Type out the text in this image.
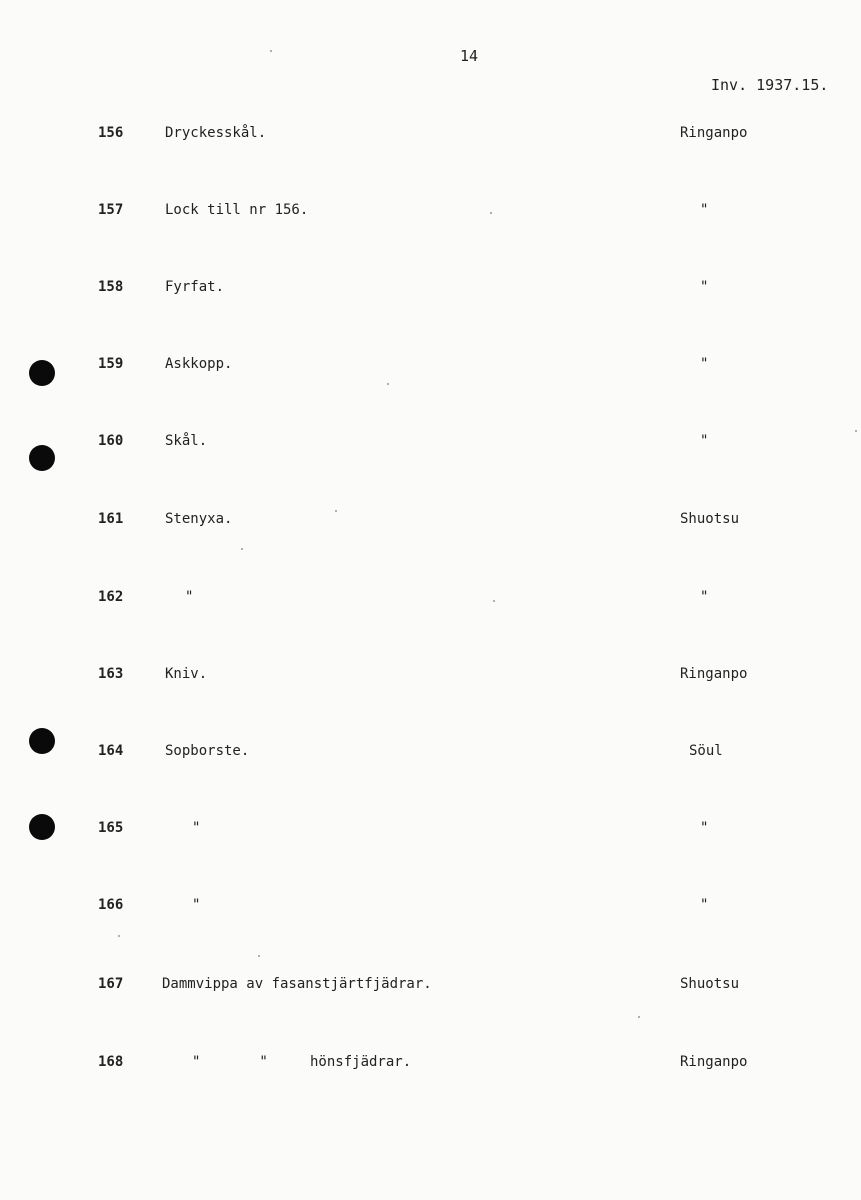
14
Inv. 1937.15.
156	Dryckesskål.	Ringanpo
157	Lock till nr 156.	"
158	Fyrfat.	"
159	Askkopp.	"
160	Skål.	"
161	Stenyxa.	Shuotsu
162	"	"
163	Kniv.	Ringanpo
164	Sopborste.	Söul
165	"	"
166	"	"
167	Dammvippa av fasanstjärtfjädrar.	Shuotsu
168	"       "     hönsfjädrar.	Ringanpo
